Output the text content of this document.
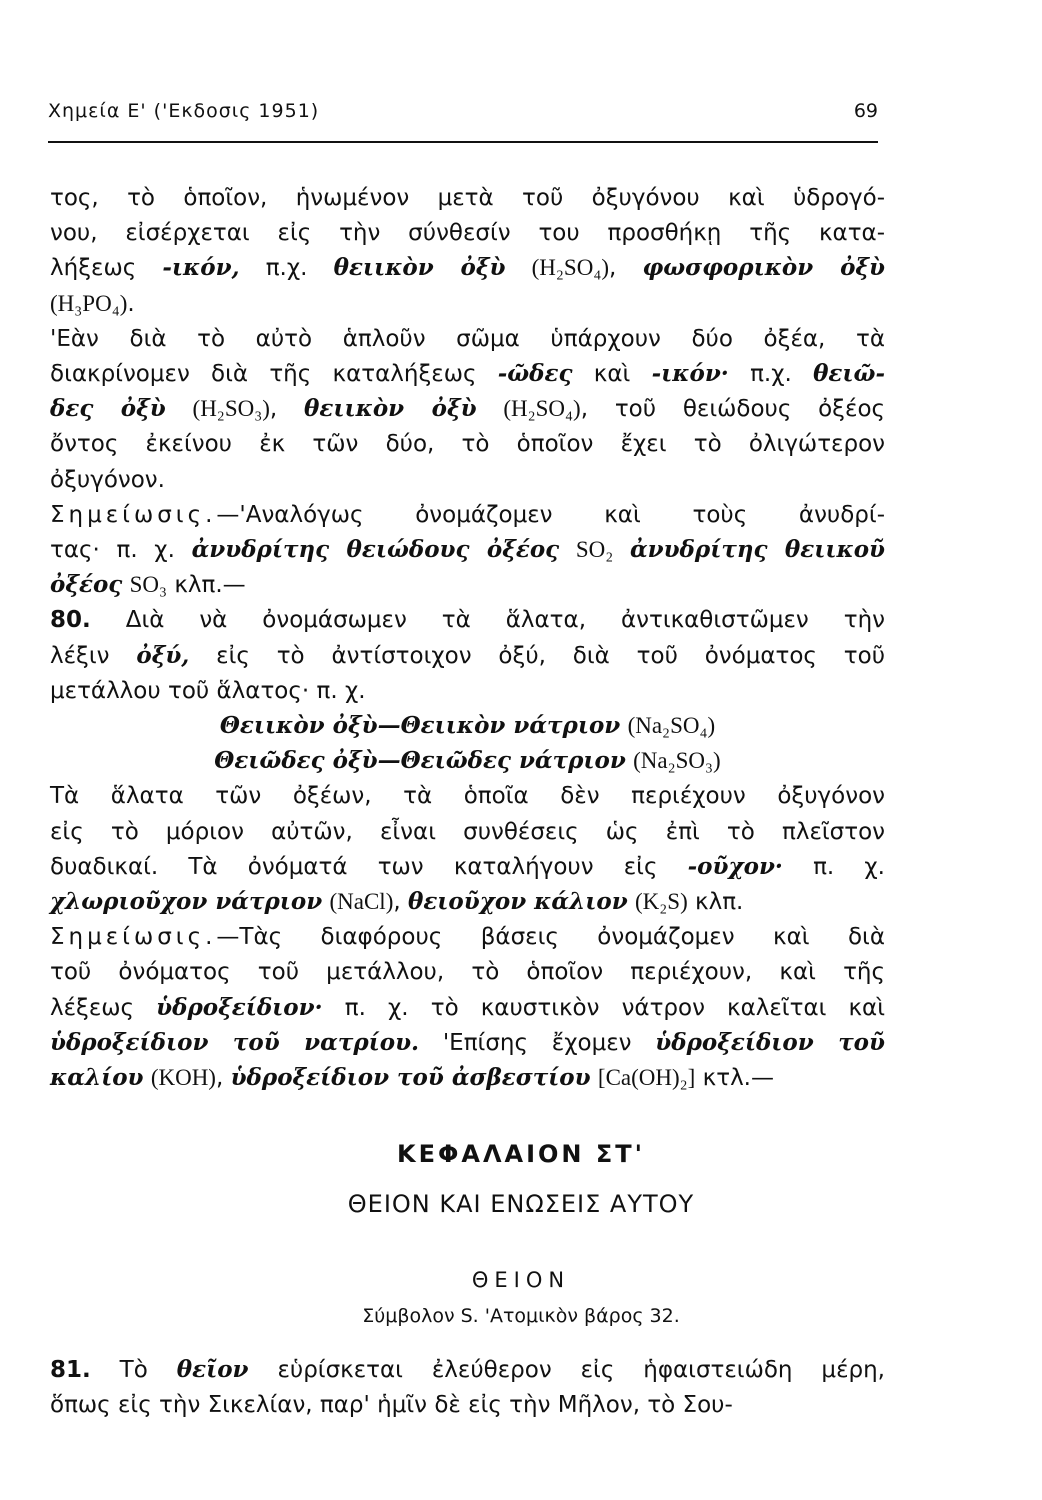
Χημεία Ε' ('Εκδοσις 1951)	69
τος, τὸ ὁποῖον, ἡνωμένον μετὰ τοῦ ὀξυγόνου καὶ ὑδρογό-
νου, εἰσέρχεται εἰς τὴν σύνθεσίν του προσθήκῃ τῆς κατα-
λήξεως -ικόν, π.χ. θειικὸν ὀξὺ (H₂SO₄), φωσφορικὸν ὀξὺ
(H₃PO₄).
'Εὰν διὰ τὸ αὐτὸ ἁπλοῦν σῶμα ὑπάρχουν δύο ὀξέα, τὰ
διακρίνομεν διὰ τῆς καταλήξεως -ῶδες καὶ -ικόν· π.χ. θειῶ-
δες ὀξὺ (H₂SO₃), θειικὸν ὀξὺ (H₂SO₄), τοῦ θειώδους ὀξέος
ὄντος ἐκείνου ἐκ τῶν δύο, τὸ ὁποῖον ἔχει τὸ ὀλιγώτερον
ὀξυγόνον.
Σημείωσις.—'Αναλόγως ὀνομάζομεν καὶ τοὺς ἀνυδρί-
τας· π. χ. ἀνυδρίτης θειώδους ὀξέος SO₂ ἀνυδρίτης θειικοῦ
ὀξέος SO₃ κλπ.—
80. Διὰ νὰ ὀνομάσωμεν τὰ ἅλατα, ἀντικαθιστῶμεν τὴν
λέξιν ὀξύ, εἰς τὸ ἀντίστοιχον ὀξύ, διὰ τοῦ ὀνόματος τοῦ
μετάλλου τοῦ ἅλατος· π. χ.
Θειικὸν ὀξὺ—Θειικὸν νάτριον (Na₂SO₄)
Θειῶδες ὀξὺ—Θειῶδες νάτριον (Na₂SO₃)
Τὰ ἅλατα τῶν ὀξέων, τὰ ὁποῖα δὲν περιέχουν ὀξυγόνον
εἰς τὸ μόριον αὐτῶν, εἶναι συνθέσεις ὡς ἐπὶ τὸ πλεῖστον
δυαδικαί. Τὰ ὀνόματά των καταλήγουν εἰς -οῦχον· π. χ.
χλωριοῦχον νάτριον (NaCl), θειοῦχον κάλιον (K₂S) κλπ.
Σημείωσις.—Τὰς διαφόρους βάσεις ὀνομάζομεν καὶ διὰ
τοῦ ὀνόματος τοῦ μετάλλου, τὸ ὁποῖον περιέχουν, καὶ τῆς
λέξεως ὑδροξείδιον· π. χ. τὸ καυστικὸν νάτρον καλεῖται καὶ
ὑδροξείδιον τοῦ νατρίου. 'Επίσης ἔχομεν ὑδροξείδιον τοῦ
καλίου (KOH), ὑδροξείδιον τοῦ ἀσβεστίου [Ca(OH)₂] κτλ.—
ΚΕΦΑΛΑΙΟΝ ΣΤ'
ΘΕΙΟΝ ΚΑΙ ΕΝΩΣΕΙΣ ΑΥΤΟΥ
ΘΕΙΟΝ
Σύμβολον S. 'Ατομικὸν βάρος 32.
81. Τὸ θεῖον εὑρίσκεται ἐλεύθερον εἰς ἡφαιστειώδη μέρη,
ὅπως εἰς τὴν Σικελίαν, παρ' ἡμῖν δὲ εἰς τὴν Μῆλον, τὸ Σου-
